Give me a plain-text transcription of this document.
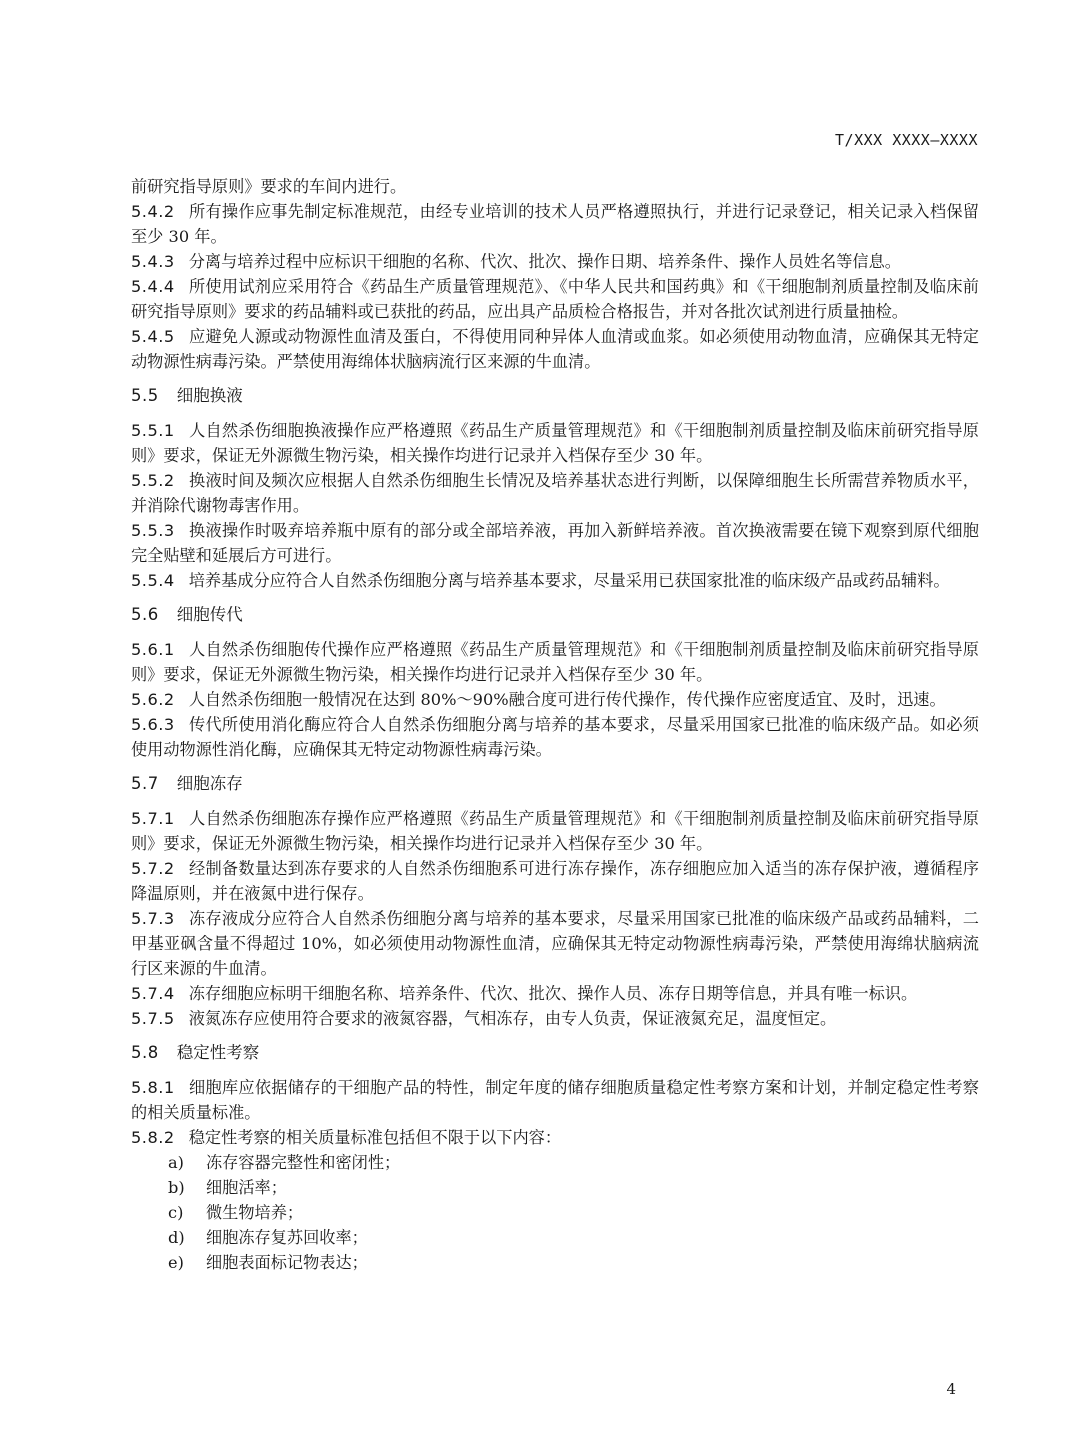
T/XXX XXXX—XXXX

前研究指导原则》要求的车间内进行。

5.4.2 所有操作应事先制定标准规范，由经专业培训的技术人员严格遵照执行，并进行记录登记，相关记录入档保留至少 30 年。

5.4.3 分离与培养过程中应标识干细胞的名称、代次、批次、操作日期、培养条件、操作人员姓名等信息。

5.4.4 所使用试剂应采用符合《药品生产质量管理规范》、《中华人民共和国药典》和《干细胞制剂质量控制及临床前研究指导原则》要求的药品辅料或已获批的药品，应出具产品质检合格报告，并对各批次试剂进行质量抽检。

5.4.5 应避免人源或动物源性血清及蛋白，不得使用同种异体人血清或血浆。如必须使用动物血清，应确保其无特定动物源性病毒污染。严禁使用海绵体状脑病流行区来源的牛血清。

5.5 细胞换液

5.5.1 人自然杀伤细胞换液操作应严格遵照《药品生产质量管理规范》和《干细胞制剂质量控制及临床前研究指导原则》要求，保证无外源微生物污染，相关操作均进行记录并入档保存至少 30 年。

5.5.2 换液时间及频次应根据人自然杀伤细胞生长情况及培养基状态进行判断，以保障细胞生长所需营养物质水平，并消除代谢物毒害作用。

5.5.3 换液操作时吸弃培养瓶中原有的部分或全部培养液，再加入新鲜培养液。首次换液需要在镜下观察到原代细胞完全贴壁和延展后方可进行。

5.5.4 培养基成分应符合人自然杀伤细胞分离与培养基本要求，尽量采用已获国家批准的临床级产品或药品辅料。

5.6 细胞传代

5.6.1 人自然杀伤细胞传代操作应严格遵照《药品生产质量管理规范》和《干细胞制剂质量控制及临床前研究指导原则》要求，保证无外源微生物污染，相关操作均进行记录并入档保存至少 30 年。

5.6.2 人自然杀伤细胞一般情况在达到 80%～90%融合度可进行传代操作，传代操作应密度适宜、及时，迅速。

5.6.3 传代所使用消化酶应符合人自然杀伤细胞分离与培养的基本要求，尽量采用国家已批准的临床级产品。如必须使用动物源性消化酶，应确保其无特定动物源性病毒污染。

5.7 细胞冻存

5.7.1 人自然杀伤细胞冻存操作应严格遵照《药品生产质量管理规范》和《干细胞制剂质量控制及临床前研究指导原则》要求，保证无外源微生物污染，相关操作均进行记录并入档保存至少 30 年。

5.7.2 经制备数量达到冻存要求的人自然杀伤细胞系可进行冻存操作，冻存细胞应加入适当的冻存保护液，遵循程序降温原则，并在液氮中进行保存。

5.7.3 冻存液成分应符合人自然杀伤细胞分离与培养的基本要求，尽量采用国家已批准的临床级产品或药品辅料，二甲基亚砜含量不得超过 10%，如必须使用动物源性血清，应确保其无特定动物源性病毒污染，严禁使用海绵状脑病流行区来源的牛血清。

5.7.4 冻存细胞应标明干细胞名称、培养条件、代次、批次、操作人员、冻存日期等信息，并具有唯一标识。

5.7.5 液氮冻存应使用符合要求的液氮容器，气相冻存，由专人负责，保证液氮充足，温度恒定。

5.8 稳定性考察

5.8.1 细胞库应依据储存的干细胞产品的特性，制定年度的储存细胞质量稳定性考察方案和计划，并制定稳定性考察的相关质量标准。

5.8.2 稳定性考察的相关质量标准包括但不限于以下内容：

a) 冻存容器完整性和密闭性；

b) 细胞活率；

c) 微生物培养；

d) 细胞冻存复苏回收率；

e) 细胞表面标记物表达；

4
